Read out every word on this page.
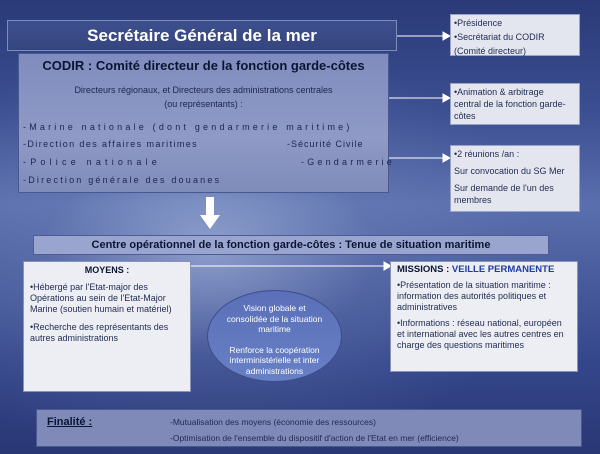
Secrétaire Général de la mer
CODIR : Comité directeur de la fonction garde-côtes
Directeurs régionaux, et Directeurs des administrations centrales
(ou représentants) :
-Marine nationale (dont gendarmerie maritime)
-Direction des affaires maritimes	-Sécurité Civile
-Police nationale	-Gendarmerie
-Direction générale des douanes
•Présidence
•Secrétariat du CODIR
(Comité directeur)
•Animation & arbitrage
central de la fonction garde-
côtes
•2 réunions /an :
Sur convocation du SG Mer
Sur demande de l'un des
membres
Centre opérationnel de la fonction garde-côtes : Tenue de situation maritime
MOYENS :
•Hébergé par l'Etat-major des Opérations au sein de l'Etat-Major Marine (soutien humain et matériel)
•Recherche des représentants des autres administrations
Vision globale et consolidée de la situation maritime
Renforce la coopération interministérielle et inter administrations
MISSIONS : VEILLE PERMANENTE
•Présentation de la situation maritime : information des autorités politiques et administratives
•Informations : réseau national, européen et international avec les autres centres en charge des questions maritimes
Finalité :	-Mutualisation des moyens (économie des ressources)
-Optimisation de l'ensemble du dispositif d'action de l'Etat en mer (efficience)
